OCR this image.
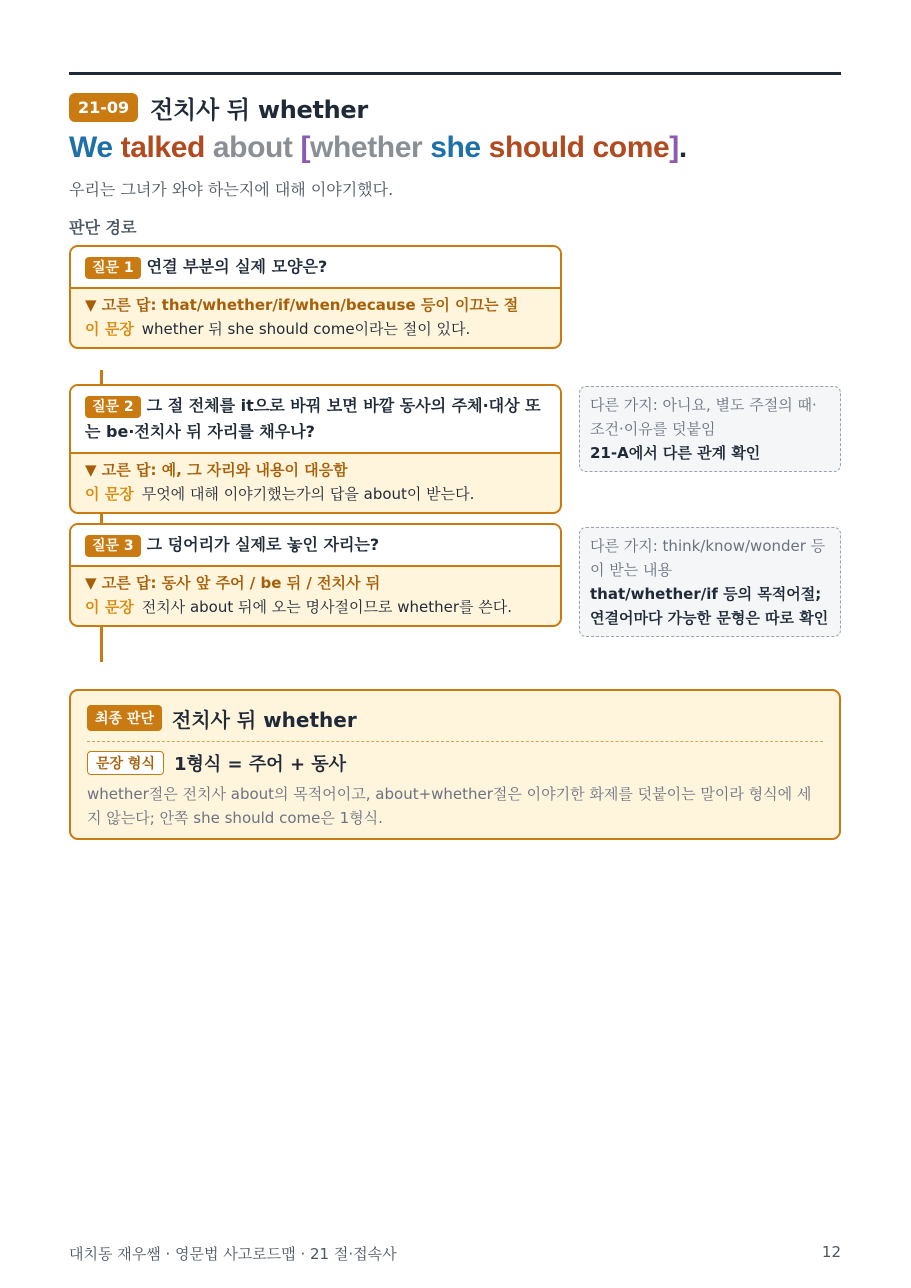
21-09 전치사 뒤 whether
We talked about [whether she should come].
우리는 그녀가 와야 하는지에 대해 이야기했다.
판단 경로
질문 1 연결 부분의 실제 모양은?
▼ 고른 답: that/whether/if/when/because 등이 이끄는 절
이 문장 whether 뒤 she should come이라는 절이 있다.
질문 2 그 절 전체를 it으로 바꿔 보면 바깥 동사의 주체·대상 또는 be·전치사 뒤 자리를 채우나?
▼ 고른 답: 예, 그 자리와 내용이 대응함
이 문장 무엇에 대해 이야기했는가의 답을 about이 받는다.
질문 3 그 덩어리가 실제로 놓인 자리는?
▼ 고른 답: 동사 앞 주어 / be 뒤 / 전치사 뒤
이 문장 전치사 about 뒤에 오는 명사절이므로 whether를 쓴다.
다른 가지: 아니요, 별도 주절의 때·조건·이유를 덧붙임
21-A에서 다른 관계 확인
다른 가지: think/know/wonder 등이 받는 내용
that/whether/if 등의 목적어절; 연결어마다 가능한 문형은 따로 확인
최종 판단 전치사 뒤 whether
문장 형식	1형식 = 주어 + 동사
whether절은 전치사 about의 목적어이고, about+whether절은 이야기한 화제를 덧붙이는 말이라 형식에 세지 않는다; 안쪽 she should come은 1형식.
대치동 재우쌤 · 영문법 사고로드맵 · 21 절·접속사	12
